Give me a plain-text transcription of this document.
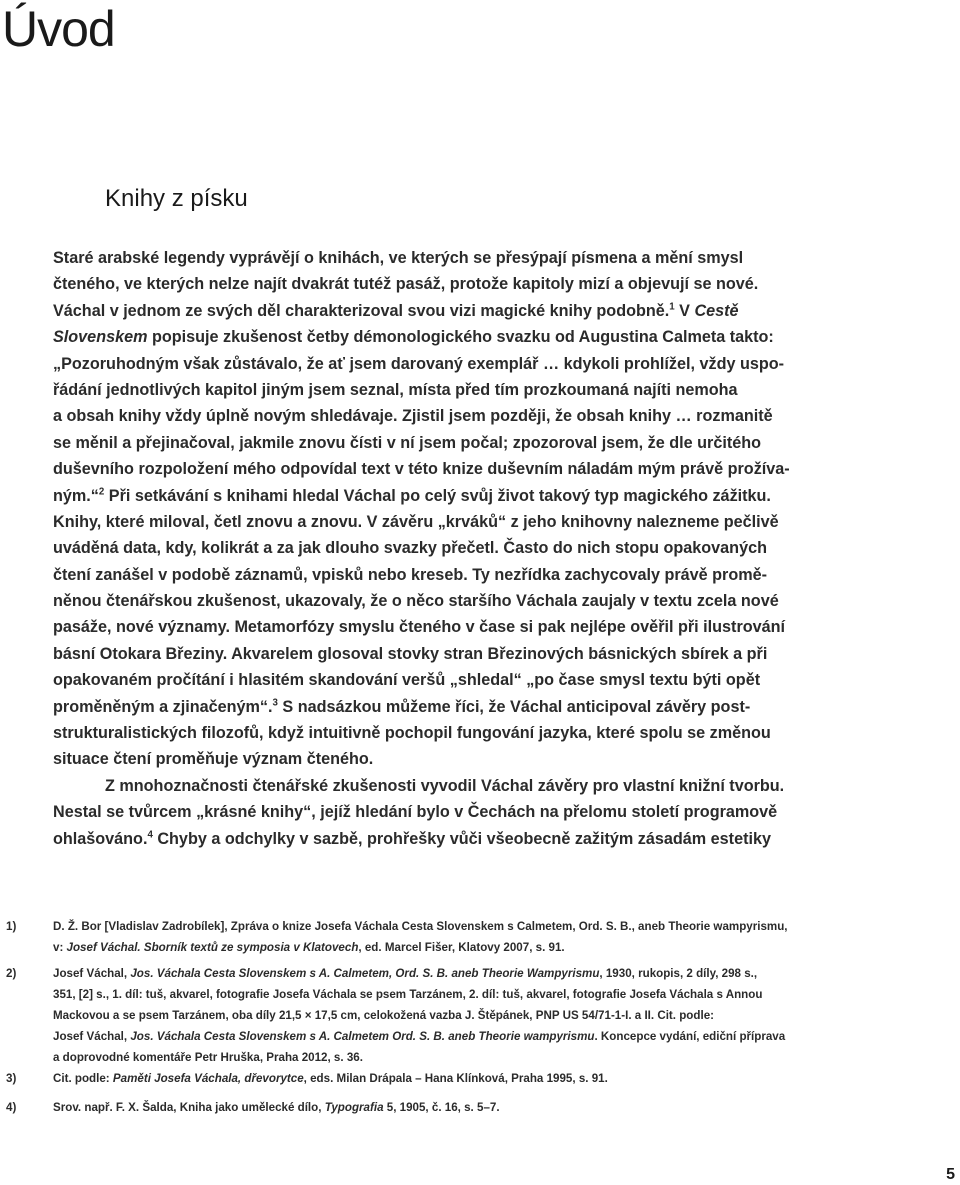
Úvod
Knihy z písku
Staré arabské legendy vyprávějí o knihách, ve kterých se přesýpají písmena a mění smysl
čteného, ve kterých nelze najít dvakrát tutéž pasáž, protože kapitoly mizí a objevují se nové.
Váchal v jednom ze svých děl charakterizoval svou vizi magické knihy podobně.$^1$ V Cestě
Slovenskem popisuje zkušenost četby démonologického svazku od Augustina Calmeta takto:
„Pozoruhodným však zůstávalo, že ať jsem darovaný exemplář … kdykoli prohlížel, vždy uspo-
řádání jednotlivých kapitol jiným jsem seznal, místa před tím prozkoumaná najíti nemoha
a obsah knihy vždy úplně novým shledávaje. Zjistil jsem později, že obsah knihy … rozmanitě
se měnil a přejinačoval, jakmile znovu čísti v ní jsem počal; zpozoroval jsem, že dle určitého
duševního rozpoložení mého odpovídal text v této knize duševním náladám mým právě prožíva-
ným.“$^2$ Při setkávání s knihami hledal Váchal po celý svůj život takový typ magického zážitku.
Knihy, které miloval, četl znovu a znovu. V závěru „krváků“ z jeho knihovny nalezneme pečlivě
uváděná data, kdy, kolikrát a za jak dlouho svazky přečetl. Často do nich stopu opakovaných
čtení zanášel v podobě záznamů, vpisků nebo kreseb. Ty nezřídka zachycovaly právě promě-
něnou čtenářskou zkušenost, ukazovaly, že o něco staršího Váchala zaujaly v textu zcela nové
pasáže, nové významy. Metamorfózy smyslu čteného v čase si pak nejlépe ověřil při ilustrování
básní Otokara Březiny. Akvarelem glosoval stovky stran Březinových básnických sbírek a při
opakovaném pročítání i hlasitém skandování veršů „shledal“ „po čase smysl textu býti opět
proměněným a zjinačeným“.$^3$ S nadsázkou můžeme říci, že Váchal anticipoval závěry post-
strukturalistických filozofů, když intuitivně pochopil fungování jazyka, které spolu se změnou
situace čtení proměňuje význam čteného.
Z mnohoznačnosti čtenářské zkušenosti vyvodil Váchal závěry pro vlastní knižní tvorbu.
Nestal se tvůrcem „krásné knihy“, jejíž hledání bylo v Čechách na přelomu století programově
ohlašováno.$^4$ Chyby a odchylky v sazbě, prohřešky vůči všeobecně zažitým zásadám estetiky
1)	D. Ž. Bor [Vladislav Zadrobílek], Zpráva o knize Josefa Váchala Cesta Slovenskem s Calmetem, Ord. S. B., aneb Theorie wampyrismu,
v: Josef Váchal. Sborník textů ze symposia v Klatovech, ed. Marcel Fišer, Klatovy 2007, s. 91.
2)	Josef Váchal, Jos. Váchala Cesta Slovenskem s A. Calmetem, Ord. S. B. aneb Theorie Wampyrismu, 1930, rukopis, 2 díly, 298 s.,
351, [2] s., 1. díl: tuš, akvarel, fotografie Josefa Váchala se psem Tarzánem, 2. díl: tuš, akvarel, fotografie Josefa Váchala s Annou
Mackovou a se psem Tarzánem, oba díly 21,5 × 17,5 cm, celokožená vazba J. Štěpánek, PNP US 54/71-1-I. a II. Cit. podle:
Josef Váchal, Jos. Váchala Cesta Slovenskem s A. Calmetem Ord. S. B. aneb Theorie wampyrismu. Koncepce vydání, ediční příprava
a doprovodné komentáře Petr Hruška, Praha 2012, s. 36.
3)	Cit. podle: Paměti Josefa Váchala, dřevorytce, eds. Milan Drápala – Hana Klínková, Praha 1995, s. 91.
4)	Srov. např. F. X. Šalda, Kniha jako umělecké dílo, Typografia 5, 1905, č. 16, s. 5–7.
5
